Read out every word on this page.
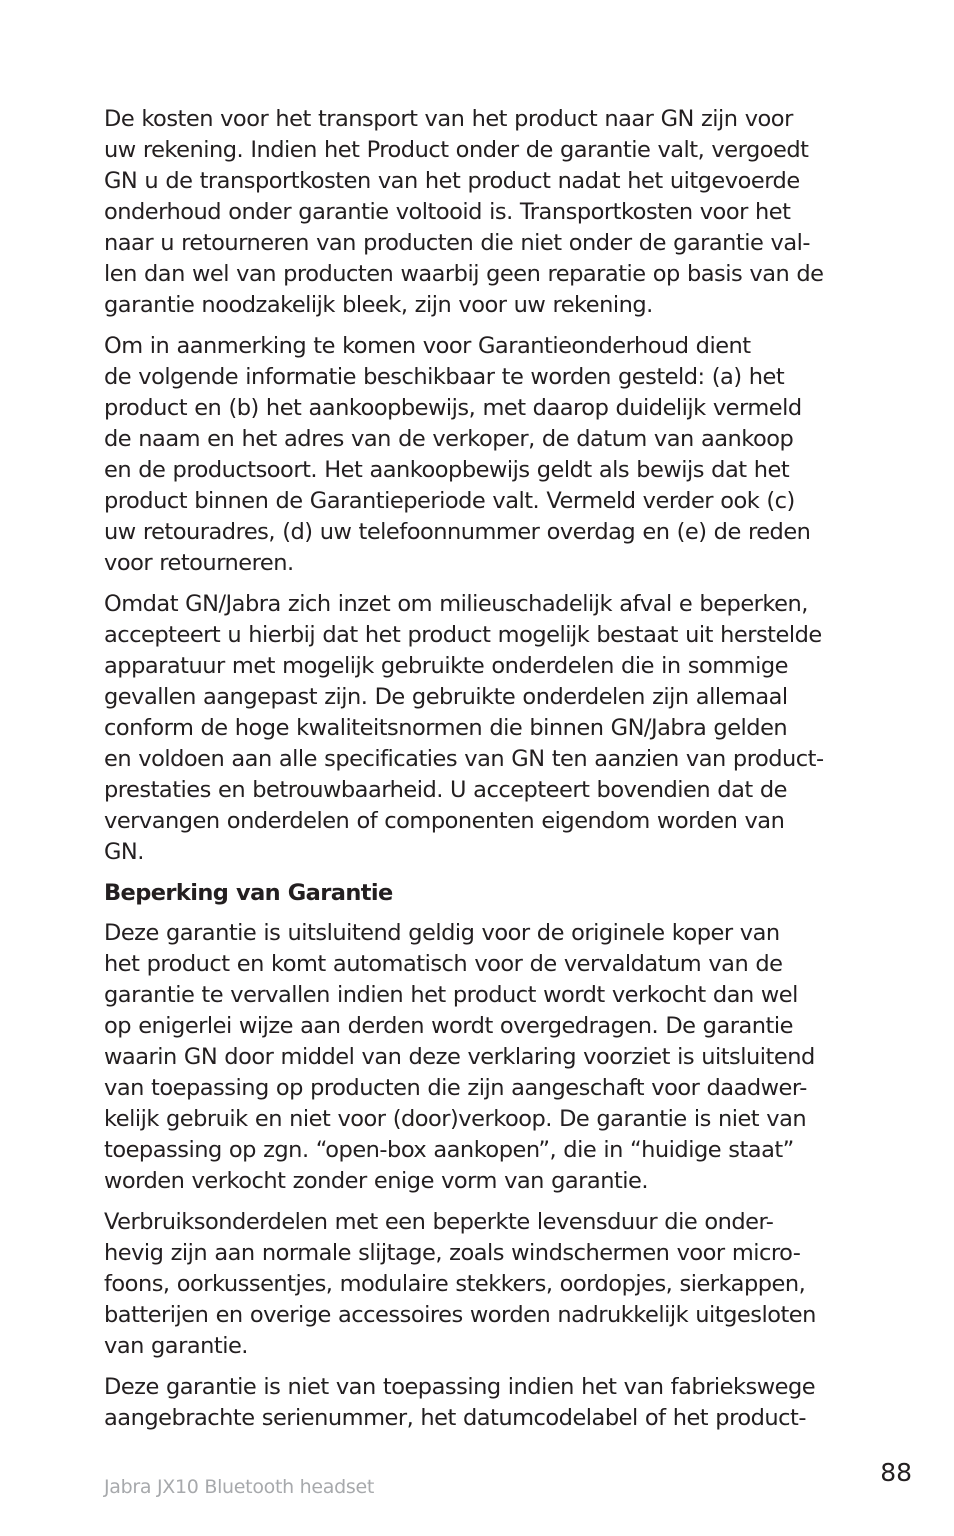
De kosten voor het transport van het product naar GN zijn voor
uw rekening. Indien het Product onder de garantie valt, vergoedt
GN u de transportkosten van het product nadat het uitgevoerde
onderhoud onder garantie voltooid is. Transportkosten voor het
naar u retourneren van producten die niet onder de garantie val-
len dan wel van producten waarbij geen reparatie op basis van de
garantie noodzakelijk bleek, zijn voor uw rekening.

Om in aanmerking te komen voor Garantieonderhoud dient
de volgende informatie beschikbaar te worden gesteld: (a) het
product en (b) het aankoopbewijs, met daarop duidelijk vermeld
de naam en het adres van de verkoper, de datum van aankoop
en de productsoort. Het aankoopbewijs geldt als bewijs dat het
product binnen de Garantieperiode valt. Vermeld verder ook (c)
uw retouradres, (d) uw telefoonnummer overdag en (e) de reden
voor retourneren.

Omdat GN/Jabra zich inzet om milieuschadelijk afval e beperken,
accepteert u hierbij dat het product mogelijk bestaat uit herstelde
apparatuur met mogelijk gebruikte onderdelen die in sommige
gevallen aangepast zijn. De gebruikte onderdelen zijn allemaal
conform de hoge kwaliteitsnormen die binnen GN/Jabra gelden
en voldoen aan alle specificaties van GN ten aanzien van product-
prestaties en betrouwbaarheid. U accepteert bovendien dat de
vervangen onderdelen of componenten eigendom worden van
GN.

Beperking van Garantie

Deze garantie is uitsluitend geldig voor de originele koper van
het product en komt automatisch voor de vervaldatum van de
garantie te vervallen indien het product wordt verkocht dan wel
op enigerlei wijze aan derden wordt overgedragen. De garantie
waarin GN door middel van deze verklaring voorziet is uitsluitend
van toepassing op producten die zijn aangeschaft voor daadwer-
kelijk gebruik en niet voor (door)verkoop. De garantie is niet van
toepassing op zgn. “open-box aankopen”, die in “huidige staat”
worden verkocht zonder enige vorm van garantie.

Verbruiksonderdelen met een beperkte levensduur die onder-
hevig zijn aan normale slijtage, zoals windschermen voor micro-
foons, oorkussentjes, modulaire stekkers, oordopjes, sierkappen,
batterijen en overige accessoires worden nadrukkelijk uitgesloten
van garantie.

Deze garantie is niet van toepassing indien het van fabriekswege
aangebrachte serienummer, het datumcodelabel of het product-

Jabra JX10 Bluetooth headset	88
